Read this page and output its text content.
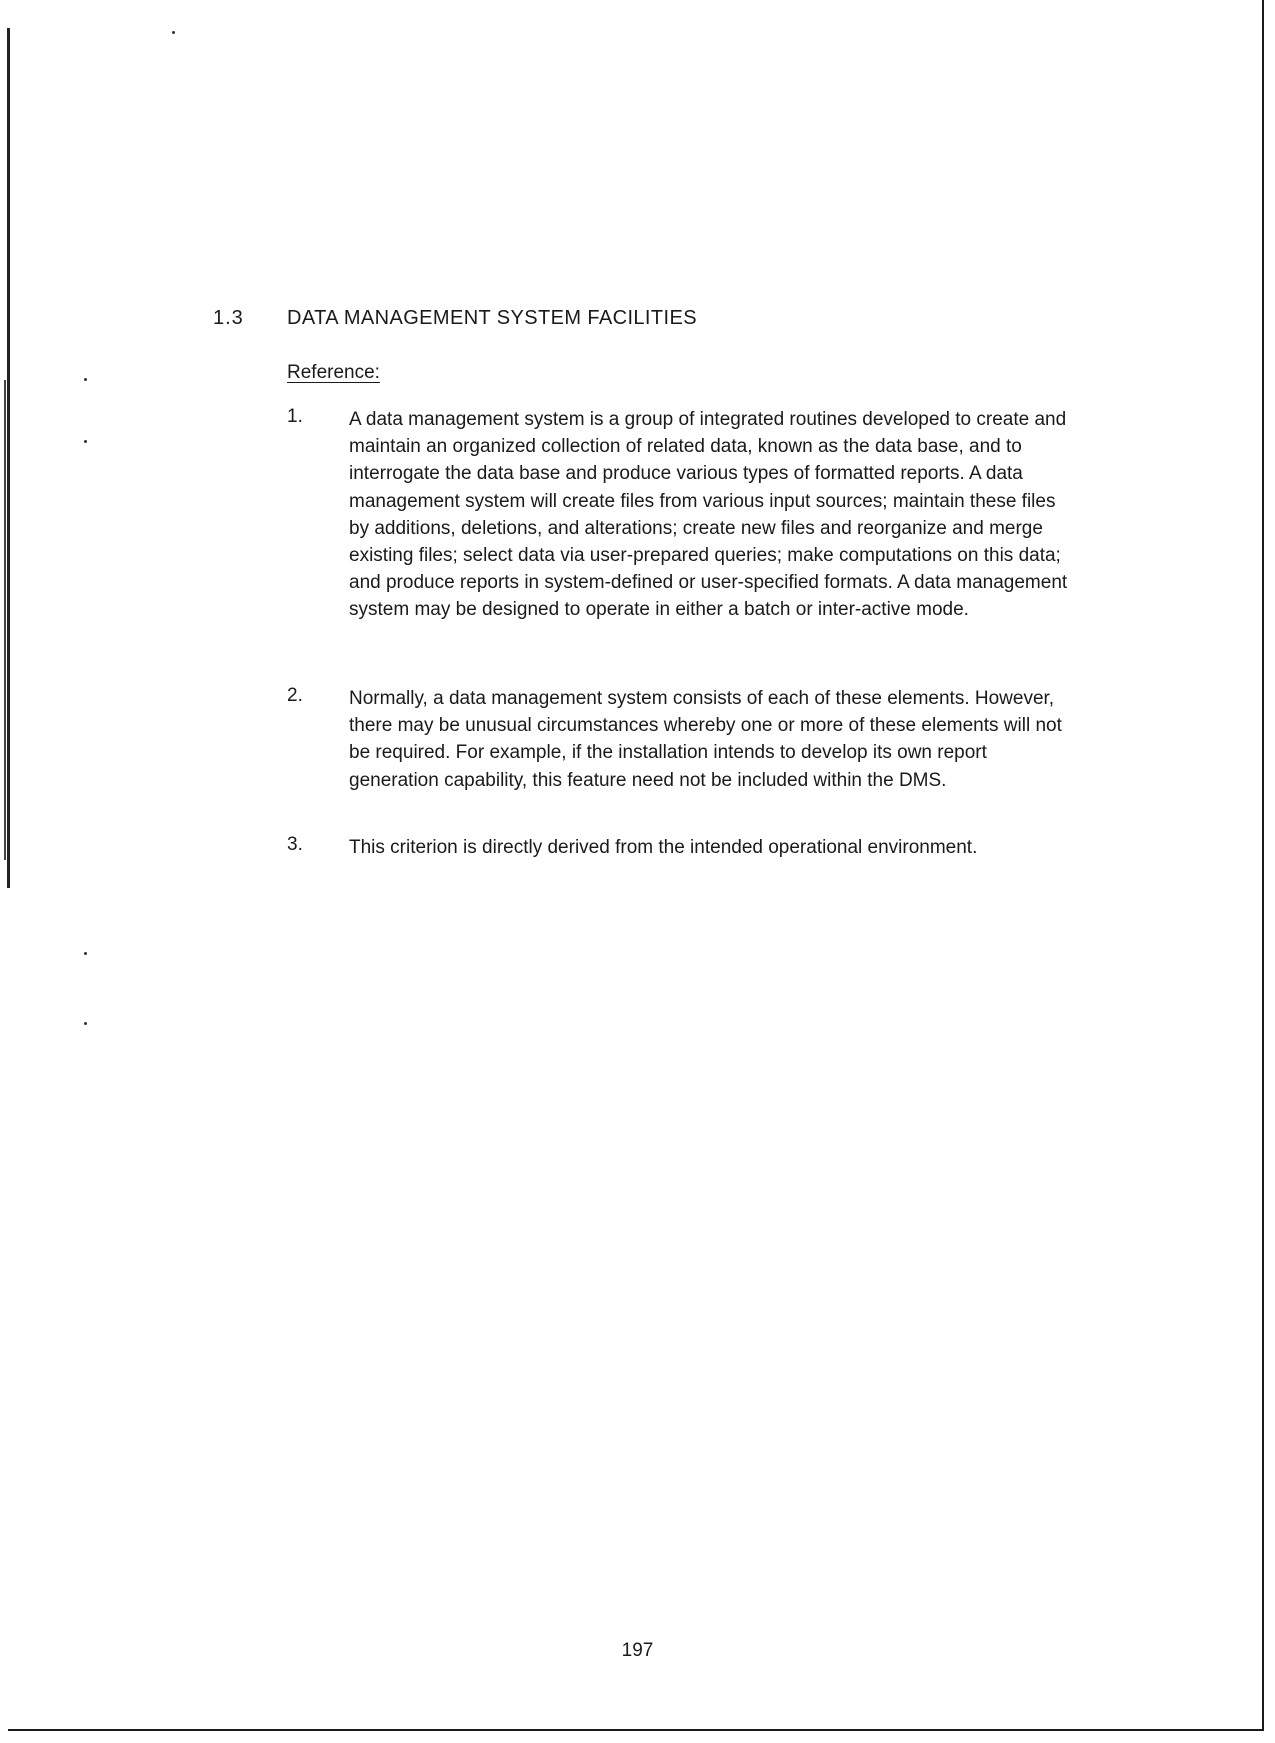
1.3 DATA MANAGEMENT SYSTEM FACILITIES
Reference:
1. A data management system is a group of integrated routines developed to create and maintain an organized collection of related data, known as the data base, and to interrogate the data base and produce various types of formatted reports. A data management system will create files from various input sources; maintain these files by additions, deletions, and alterations; create new files and reorganize and merge existing files; select data via user-prepared queries; make computations on this data; and produce reports in system-defined or user-specified formats. A data management system may be designed to operate in either a batch or inter-active mode.
2. Normally, a data management system consists of each of these elements. However, there may be unusual circumstances whereby one or more of these elements will not be required. For example, if the installation intends to develop its own report generation capability, this feature need not be included within the DMS.
3. This criterion is directly derived from the intended operational environment.
197
